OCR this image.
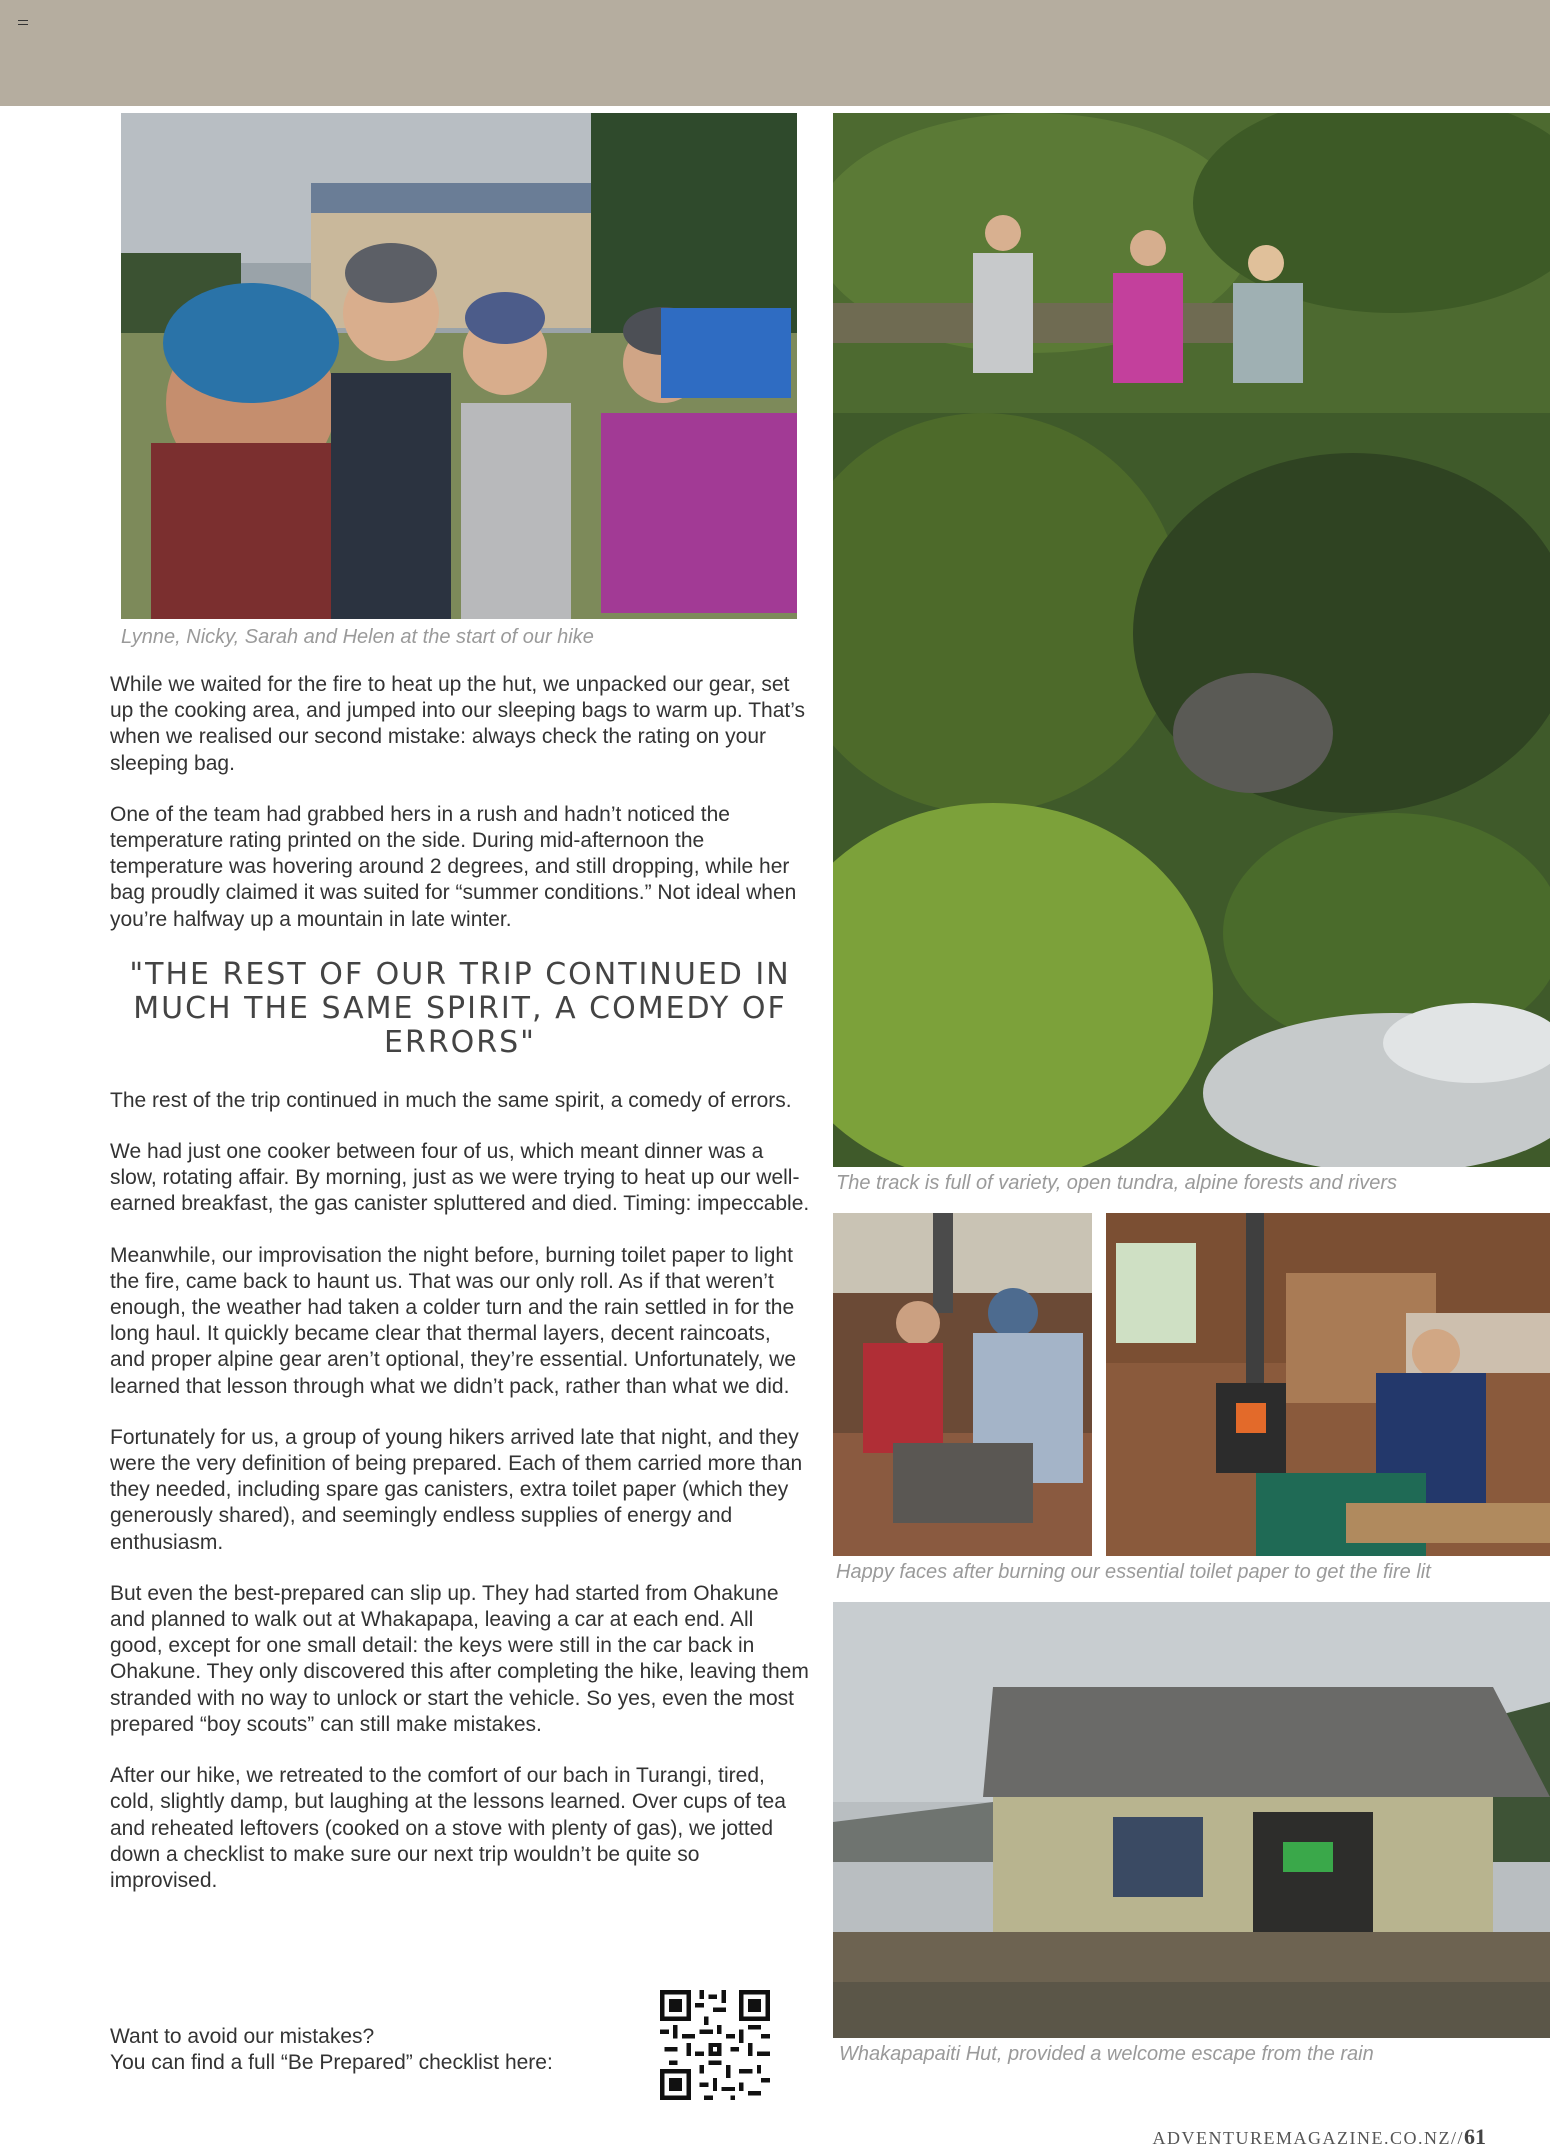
Lynne, Nicky, Sarah and Helen at the start of our hike

The track is full of variety, open tundra, alpine forests and rivers

Happy faces after burning our essential toilet paper to get the fire lit

Whakapapaiti Hut, provided a welcome escape from the rain

While we waited for the fire to heat up the hut, we unpacked our gear, set up the cooking area, and jumped into our sleeping bags to warm up. That’s when we realised our second mistake: always check the rating on your sleeping bag.

One of the team had grabbed hers in a rush and hadn’t noticed the temperature rating printed on the side. During mid-afternoon the temperature was hovering around 2 degrees, and still dropping, while her bag proudly claimed it was suited for “summer conditions.” Not ideal when you’re halfway up a mountain in late winter.

"THE REST OF OUR TRIP CONTINUED IN MUCH THE SAME SPIRIT, A COMEDY OF ERRORS"

The rest of the trip continued in much the same spirit, a comedy of errors.

We had just one cooker between four of us, which meant dinner was a slow, rotating affair. By morning, just as we were trying to heat up our well-earned breakfast, the gas canister spluttered and died. Timing: impeccable.

Meanwhile, our improvisation the night before, burning toilet paper to light the fire, came back to haunt us. That was our only roll. As if that weren’t enough, the weather had taken a colder turn and the rain settled in for the long haul. It quickly became clear that thermal layers, decent raincoats, and proper alpine gear aren’t optional, they’re essential. Unfortunately, we learned that lesson through what we didn’t pack, rather than what we did.

Fortunately for us, a group of young hikers arrived late that night, and they were the very definition of being prepared. Each of them carried more than they needed, including spare gas canisters, extra toilet paper (which they generously shared), and seemingly endless supplies of energy and enthusiasm.

But even the best-prepared can slip up. They had started from Ohakune and planned to walk out at Whakapapa, leaving a car at each end. All good, except for one small detail: the keys were still in the car back in Ohakune. They only discovered this after completing the hike, leaving them stranded with no way to unlock or start the vehicle. So yes, even the most prepared “boy scouts” can still make mistakes.

After our hike, we retreated to the comfort of our bach in Turangi, tired, cold, slightly damp, but laughing at the lessons learned. Over cups of tea and reheated leftovers (cooked on a stove with plenty of gas), we jotted down a checklist to make sure our next trip wouldn’t be quite so improvised.

Want to avoid our mistakes?
You can find a full “Be Prepared” checklist here:
ADVENTUREMAGAZINE.CO.NZ//61
